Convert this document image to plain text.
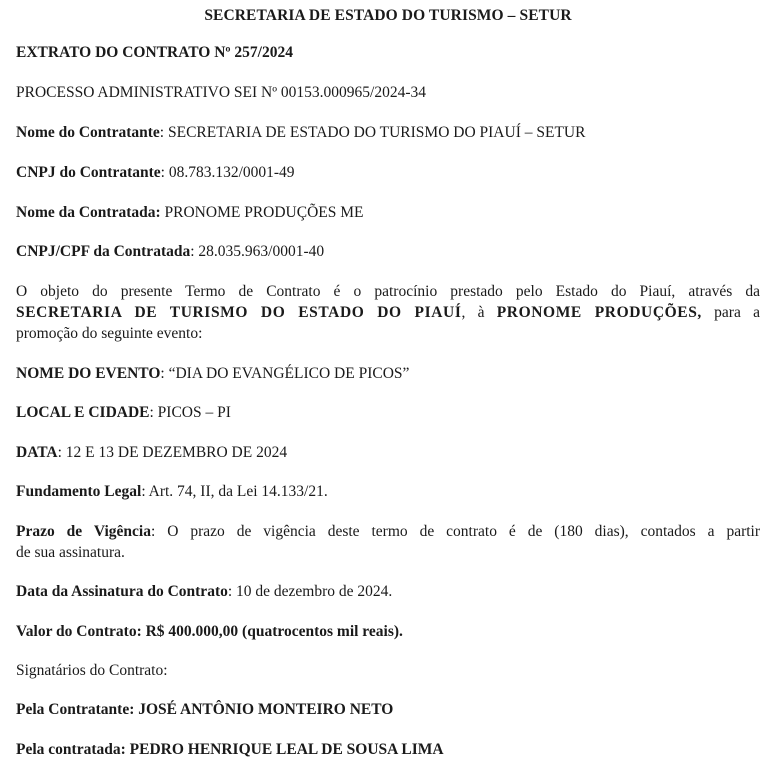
SECRETARIA DE ESTADO DO TURISMO – SETUR
EXTRATO DO CONTRATO Nº 257/2024
PROCESSO ADMINISTRATIVO SEI Nº 00153.000965/2024-34
Nome do Contratante: SECRETARIA DE ESTADO DO TURISMO DO PIAUÍ – SETUR
CNPJ do Contratante: 08.783.132/0001-49
Nome da Contratada: PRONOME PRODUÇÕES ME
CNPJ/CPF da Contratada: 28.035.963/0001-40
O objeto do presente Termo de Contrato é o patrocínio prestado pelo Estado do Piauí, através da
SECRETARIA DE TURISMO DO ESTADO DO PIAUÍ, à PRONOME PRODUÇÕES, para a
promoção do seguinte evento:
NOME DO EVENTO: “DIA DO EVANGÉLICO DE PICOS”
LOCAL E CIDADE: PICOS – PI
DATA: 12 E 13 DE DEZEMBRO DE 2024
Fundamento Legal: Art. 74, II, da Lei 14.133/21.
Prazo de Vigência: O prazo de vigência deste termo de contrato é de (180 dias), contados a partir
de sua assinatura.
Data da Assinatura do Contrato: 10 de dezembro de 2024.
Valor do Contrato: R$ 400.000,00 (quatrocentos mil reais).
Signatários do Contrato:
Pela Contratante: JOSÉ ANTÔNIO MONTEIRO NETO
Pela contratada: PEDRO HENRIQUE LEAL DE SOUSA LIMA
